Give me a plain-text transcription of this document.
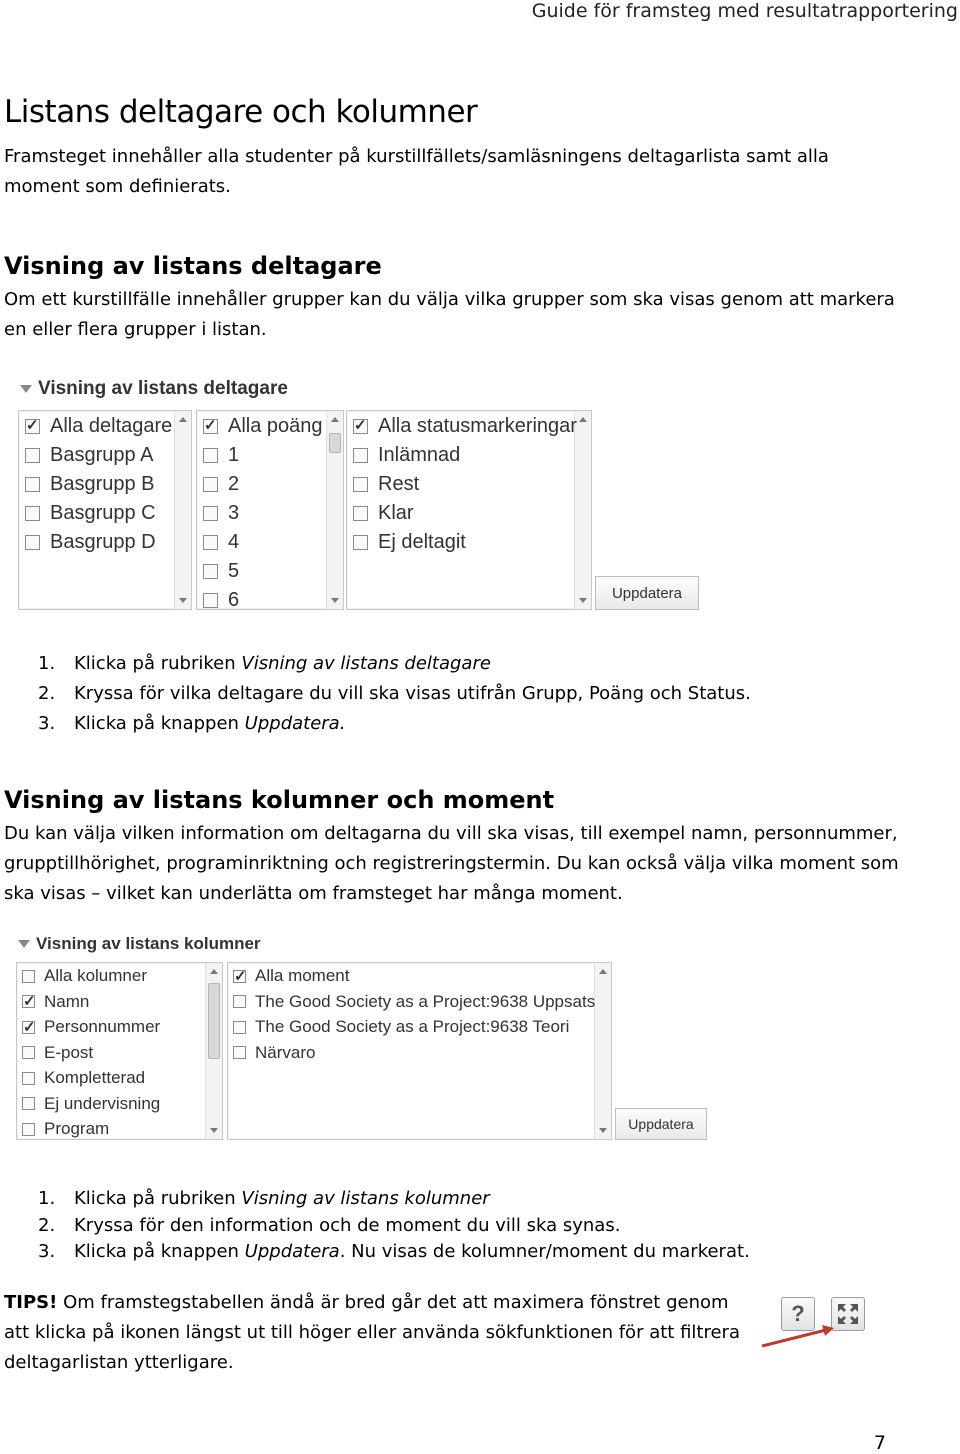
Guide för framsteg med resultatrapportering
Listans deltagare och kolumner

Framsteget innehåller alla studenter på kurstillfällets/samläsningens deltagarlista samt alla moment som definierats.

Visning av listans deltagare

Om ett kurstillfälle innehåller grupper kan du välja vilka grupper som ska visas genom att markera en eller flera grupper i listan.

Visning av listans deltagare
✓
Alla deltagare
Basgrupp A
Basgrupp B
Basgrupp C
Basgrupp D
✓
Alla poäng
1
2
3
4
5
6
✓
Alla statusmarkeringar
Inlämnad
Rest
Klar
Ej deltagit
Uppdatera
1. Klicka på rubriken Visning av listans deltagare
2. Kryssa för vilka deltagare du vill ska visas utifrån Grupp, Poäng och Status.
3. Klicka på knappen Uppdatera.
Visning av listans kolumner och moment

Du kan välja vilken information om deltagarna du vill ska visas, till exempel namn, personnummer, grupptillhörighet, programinriktning och registreringstermin. Du kan också välja vilka moment som ska visas – vilket kan underlätta om framsteget har många moment.

Visning av listans kolumner
Alla kolumner
✓
Namn
✓
Personnummer
E-post
Kompletterad
Ej undervisning
Program
✓
Alla moment
The Good Society as a Project:9638 Uppsats
The Good Society as a Project:9638 Teori
Närvaro
Uppdatera
1. Klicka på rubriken Visning av listans kolumner
2. Kryssa för den information och de moment du vill ska synas.
3. Klicka på knappen Uppdatera. Nu visas de kolumner/moment du markerat.

TIPS! Om framstegstabellen ändå är bred går det att maximera fönstret genom att klicka på ikonen längst ut till höger eller använda sökfunktionen för att filtrera deltagarlistan ytterligare.

?
7
